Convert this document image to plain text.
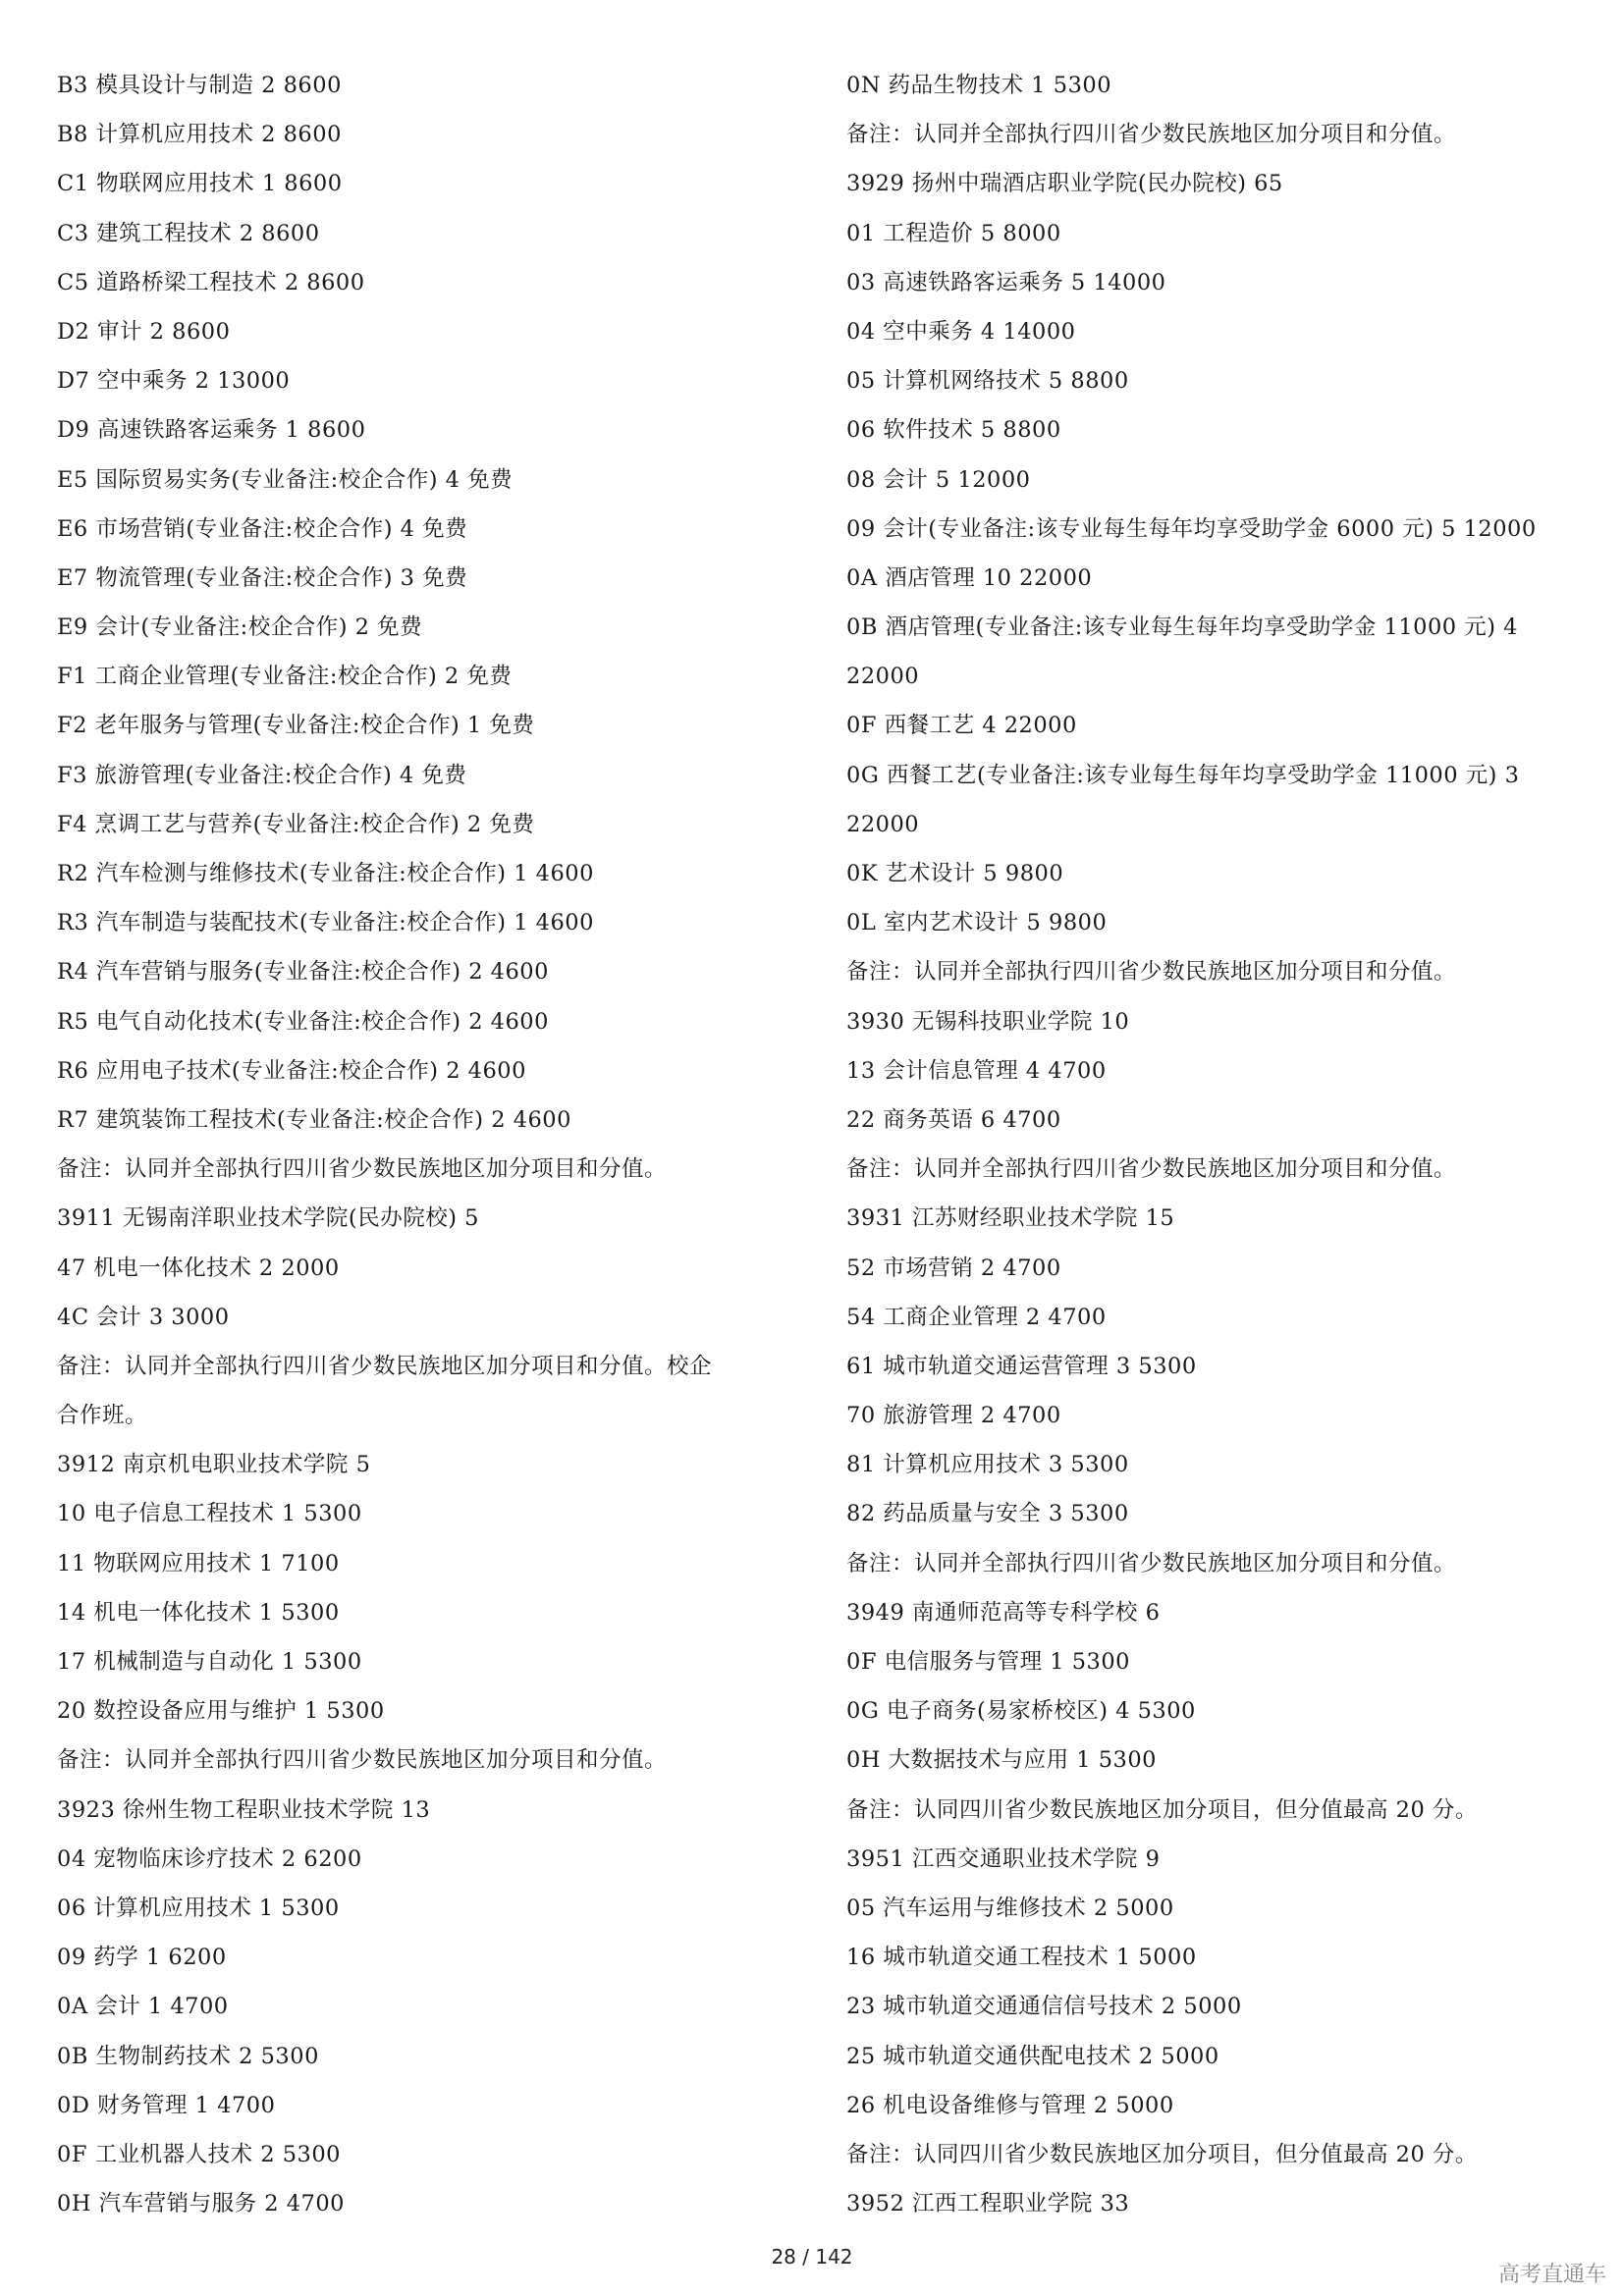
B3 模具设计与制造 2 8600
B8 计算机应用技术 2 8600
C1 物联网应用技术 1 8600
C3 建筑工程技术 2 8600
C5 道路桥梁工程技术 2 8600
D2 审计 2 8600
D7 空中乘务 2 13000
D9 高速铁路客运乘务 1 8600
E5 国际贸易实务(专业备注:校企合作) 4 免费
E6 市场营销(专业备注:校企合作) 4 免费
E7 物流管理(专业备注:校企合作) 3 免费
E9 会计(专业备注:校企合作) 2 免费
F1 工商企业管理(专业备注:校企合作) 2 免费
F2 老年服务与管理(专业备注:校企合作) 1 免费
F3 旅游管理(专业备注:校企合作) 4 免费
F4 烹调工艺与营养(专业备注:校企合作) 2 免费
R2 汽车检测与维修技术(专业备注:校企合作) 1 4600
R3 汽车制造与装配技术(专业备注:校企合作) 1 4600
R4 汽车营销与服务(专业备注:校企合作) 2 4600
R5 电气自动化技术(专业备注:校企合作) 2 4600
R6 应用电子技术(专业备注:校企合作) 2 4600
R7 建筑装饰工程技术(专业备注:校企合作) 2 4600
备注：认同并全部执行四川省少数民族地区加分项目和分值。
3911 无锡南洋职业技术学院(民办院校) 5
47 机电一体化技术 2 2000
4C 会计 3 3000
备注：认同并全部执行四川省少数民族地区加分项目和分值。校企
合作班。
3912 南京机电职业技术学院 5
10 电子信息工程技术 1 5300
11 物联网应用技术 1 7100
14 机电一体化技术 1 5300
17 机械制造与自动化 1 5300
20 数控设备应用与维护 1 5300
备注：认同并全部执行四川省少数民族地区加分项目和分值。
3923 徐州生物工程职业技术学院 13
04 宠物临床诊疗技术 2 6200
06 计算机应用技术 1 5300
09 药学 1 6200
0A 会计 1 4700
0B 生物制药技术 2 5300
0D 财务管理 1 4700
0F 工业机器人技术 2 5300
0H 汽车营销与服务 2 4700
0N 药品生物技术 1 5300
备注：认同并全部执行四川省少数民族地区加分项目和分值。
3929 扬州中瑞酒店职业学院(民办院校) 65
01 工程造价 5 8000
03 高速铁路客运乘务 5 14000
04 空中乘务 4 14000
05 计算机网络技术 5 8800
06 软件技术 5 8800
08 会计 5 12000
09 会计(专业备注:该专业每生每年均享受助学金 6000 元) 5 12000
0A 酒店管理 10 22000
0B 酒店管理(专业备注:该专业每生每年均享受助学金 11000 元) 4
22000
0F 西餐工艺 4 22000
0G 西餐工艺(专业备注:该专业每生每年均享受助学金 11000 元) 3
22000
0K 艺术设计 5 9800
0L 室内艺术设计 5 9800
备注：认同并全部执行四川省少数民族地区加分项目和分值。
3930 无锡科技职业学院 10
13 会计信息管理 4 4700
22 商务英语 6 4700
备注：认同并全部执行四川省少数民族地区加分项目和分值。
3931 江苏财经职业技术学院 15
52 市场营销 2 4700
54 工商企业管理 2 4700
61 城市轨道交通运营管理 3 5300
70 旅游管理 2 4700
81 计算机应用技术 3 5300
82 药品质量与安全 3 5300
备注：认同并全部执行四川省少数民族地区加分项目和分值。
3949 南通师范高等专科学校 6
0F 电信服务与管理 1 5300
0G 电子商务(易家桥校区) 4 5300
0H 大数据技术与应用 1 5300
备注：认同四川省少数民族地区加分项目，但分值最高 20 分。
3951 江西交通职业技术学院 9
05 汽车运用与维修技术 2 5000
16 城市轨道交通工程技术 1 5000
23 城市轨道交通通信信号技术 2 5000
25 城市轨道交通供配电技术 2 5000
26 机电设备维修与管理 2 5000
备注：认同四川省少数民族地区加分项目，但分值最高 20 分。
3952 江西工程职业学院 33
28 / 142
高考直通车
